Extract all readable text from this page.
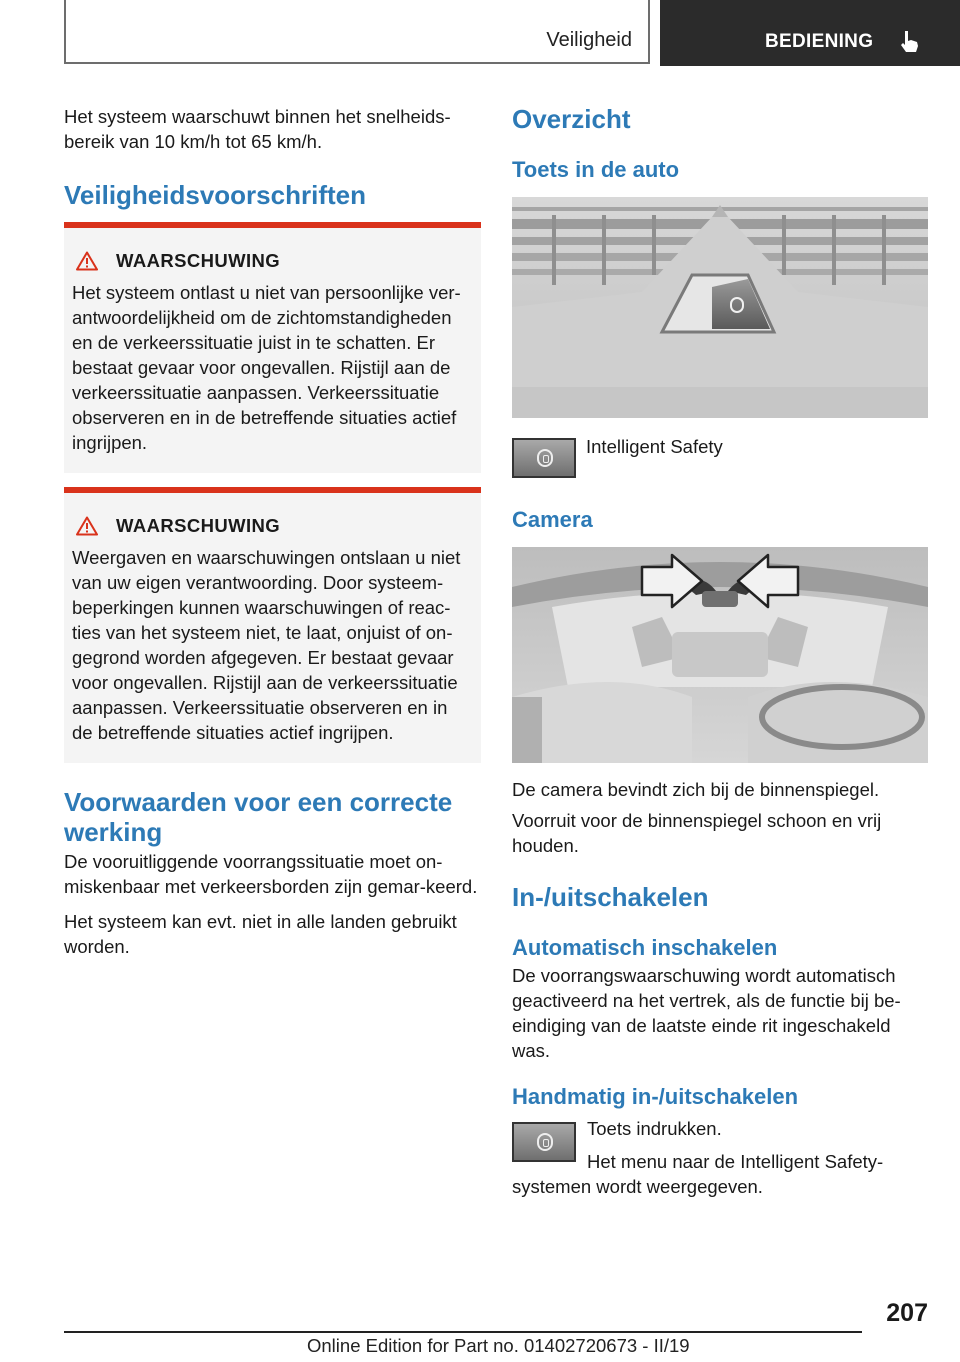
Veiligheid	BEDIENING

Het systeem waarschuwt binnen het snelheids-bereik van 10 km/h tot 65 km/h.

Veiligheidsvoorschriften
WAARSCHUWING
Het systeem ontlast u niet van persoonlijke ver-antwoordelijkheid om de zichtomstandigheden en de verkeerssituatie juist in te schatten. Er bestaat gevaar voor ongevallen. Rijstijl aan de verkeerssituatie aanpassen. Verkeerssituatie observeren en in de betreffende situaties actief ingrijpen.
WAARSCHUWING
Weergaven en waarschuwingen ontslaan u niet van uw eigen verantwoording. Door systeem-beperkingen kunnen waarschuwingen of reac-ties van het systeem niet, te laat, onjuist of on-gegrond worden afgegeven. Er bestaat gevaar voor ongevallen. Rijstijl aan de verkeerssituatie aanpassen. Verkeerssituatie observeren en in de betreffende situaties actief ingrijpen.
Voorwaarden voor een correcte werking

De vooruitliggende voorrangssituatie moet on-miskenbaar met verkeersborden zijn gemar-keerd.

Het systeem kan evt. niet in alle landen gebruikt worden.

Overzicht
Toets in de auto
Intelligent Safety
Camera

De camera bevindt zich bij de binnenspiegel.

Voorruit voor de binnenspiegel schoon en vrij houden.

In-/uitschakelen
Automatisch inschakelen

De voorrangswaarschuwing wordt automatisch geactiveerd na het vertrek, als de functie bij be-eindiging van de laatste einde rit ingeschakeld was.

Handmatig in-/uitschakelen

Toets indrukken.

Het menu naar de Intelligent Safety-systemen wordt weergegeven.

207
Online Edition for Part no. 01402720673 - II/19
